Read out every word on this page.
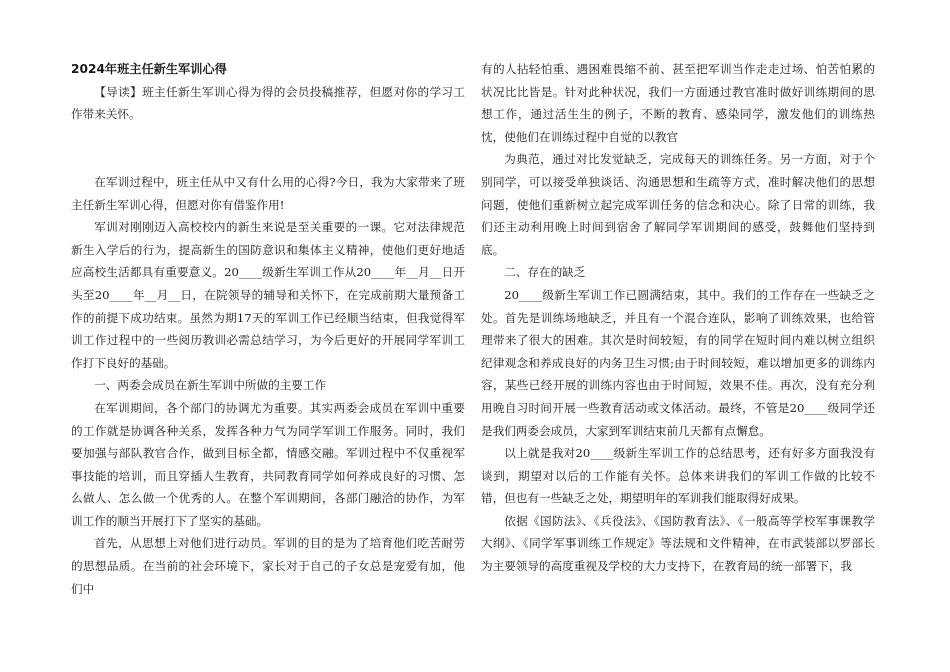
2024年班主任新生军训心得

【导读】班主任新生军训心得为得的会员投稿推荐，但愿对你的学习工作带来关怀。

在军训过程中，班主任从中又有什么用的心得?今日，我为大家带来了班主任新生军训心得，但愿对你有借鉴作用!

军训对刚刚迈入高校校内的新生来说是至关重要的一课。它对法律规范新生入学后的行为，提高新生的国防意识和集体主义精神，使他们更好地适应高校生活都具有重要意义。20____级新生军训工作从20____年__月__日开头至20____年__月__日，在院领导的辅导和关怀下，在完成前期大量预备工作的前提下成功结束。虽然为期17天的军训工作已经顺当结束，但我觉得军训工作过程中的一些阅历教训必需总结学习，为今后更好的开展同学军训工作打下良好的基础。

一、两委会成员在新生军训中所做的主要工作

在军训期间，各个部门的协调尤为重要。其实两委会成员在军训中重要的工作就是协调各种关系，发挥各种力气为同学军训工作服务。同时，我们要加强与部队教官合作，做到目标全都，情感交融。军训过程中不仅重视军事技能的培训，而且穿插人生教育，共同教育同学如何养成良好的习惯、怎么做人、怎么做一个优秀的人。在整个军训期间，各部门融洽的协作，为军训工作的顺当开展打下了坚实的基础。

首先，从思想上对他们进行动员。军训的目的是为了培育他们吃苦耐劳的思想品质。在当前的社会环境下，家长对于自己的子女总是宠爱有加，他们中

有的人拈轻怕重、遇困难畏缩不前、甚至把军训当作走走过场、怕苦怕累的状况比比皆是。针对此种状况，我们一方面通过教官准时做好训练期间的思想工作，通过活生生的例子，不断的教育、感染同学，激发他们的训练热忱，使他们在训练过程中自觉的以教官

为典范，通过对比发觉缺乏，完成每天的训练任务。另一方面，对于个别同学，可以接受单独谈话、沟通思想和生疏等方式，准时解决他们的思想问题，使他们重新树立起完成军训任务的信念和决心。除了日常的训练，我们还主动利用晚上时间到宿舍了解同学军训期间的感受，鼓舞他们坚持到底。

二、存在的缺乏

20____级新生军训工作已圆满结束，其中。我们的工作存在一些缺乏之处。首先是训练场地缺乏，并且有一个混合连队，影响了训练效果，也给管理带来了很大的困难。其次是时间较短，有的同学在短时间内难以树立组织纪律观念和养成良好的内务卫生习惯;由于时间较短，难以增加更多的训练内容，某些已经开展的训练内容也由于时间短，效果不佳。再次，没有充分利用晚自习时间开展一些教育活动或文体活动。最终，不管是20____级同学还是我们两委会成员，大家到军训结束前几天都有点懈怠。

以上就是我对20____级新生军训工作的总结思考，还有好多方面我没有谈到，期望对以后的工作能有关怀。总体来讲我们的军训工作做的比较不错，但也有一些缺乏之处，期望明年的军训我们能取得好成果。

依据《国防法》、《兵役法》、《国防教育法》、《一般高等学校军事课教学大纲》、《同学军事训练工作规定》等法规和文件精神，在市武装部以罗部长为主要领导的高度重视及学校的大力支持下，在教育局的统一部署下，我
